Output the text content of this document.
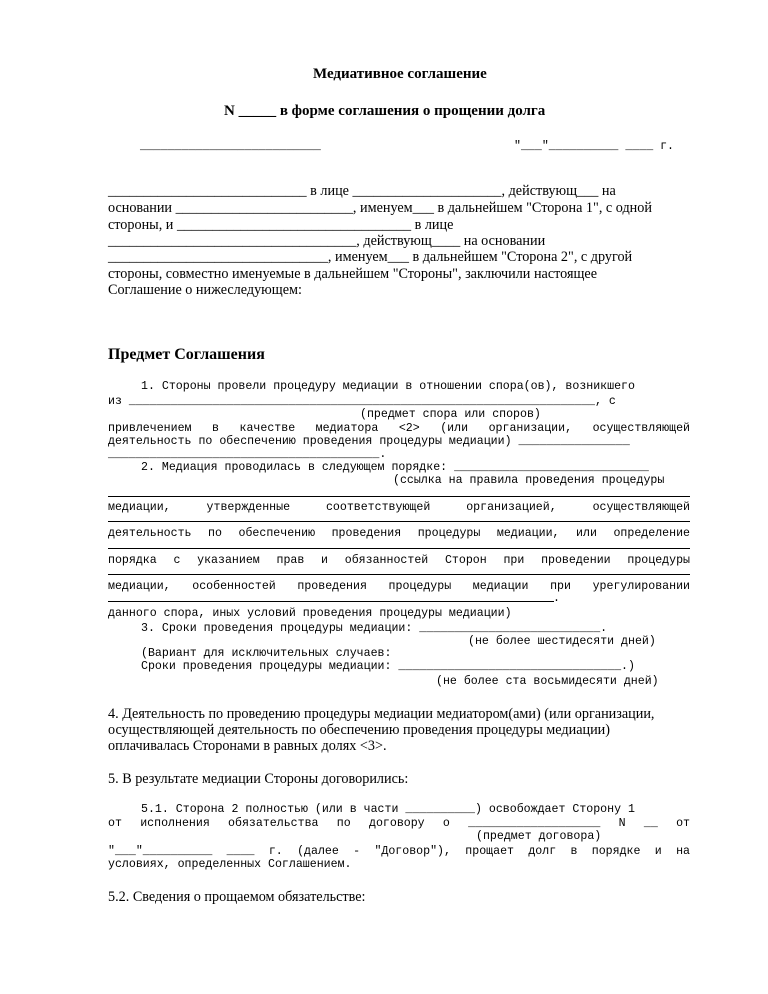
Медиативное соглашение
N _____ в форме соглашения о прощении долга
__________________________	"___"__________ ____ г.
____________________________ в лице _____________________, действующ___ на
основании _________________________, именуем___ в дальнейшем "Сторона 1", с одной
стороны, и _________________________________ в лице
___________________________________, действующ____ на основании
_______________________________, именуем___ в дальнейшем "Сторона 2", с другой
стороны, совместно именуемые в дальнейшем "Стороны", заключили настоящее
Соглашение о нижеследующем:
Предмет Соглашения
1. Стороны провели процедуру медиации в отношении спора(ов), возникшего
из ___________________________________________________________________, с
(предмет спора или споров)
привлечением в качестве медиатора <2> (или организации, осуществляющей
деятельность по обеспечению проведения процедуры медиации) ________________
_______________________________________.
2. Медиация проводилась в следующем порядке: ____________________________
(ссылка на правила проведения процедуры
медиации, утвержденные соответствующей организацией, осуществляющей
деятельность по обеспечению проведения процедуры медиации, или определение
порядка с указанием прав и обязанностей Сторон при проведении процедуры
медиации, особенностей проведения процедуры медиации при урегулировании
.
данного спора, иных условий проведения процедуры медиации)
3. Сроки проведения процедуры медиации: __________________________.
(не более шестидесяти дней)
(Вариант для исключительных случаев:
Сроки проведения процедуры медиации: ________________________________.)
(не более ста восьмидесяти дней)
4. Деятельность по проведению процедуры медиации медиатором(ами) (или организации,
осуществляющей деятельность по обеспечению проведения процедуры медиации)
оплачивалась Сторонами в равных долях <3>.
5. В результате медиации Стороны договорились:
5.1. Сторона 2 полностью (или в части __________) освобождает Сторону 1
от исполнения обязательства по договору о ___________________ N __ от
(предмет договора)
"___"__________ ____ г. (далее - "Договор"), прощает долг в порядке и на
условиях, определенных Соглашением.
5.2. Сведения о прощаемом обязательстве:
